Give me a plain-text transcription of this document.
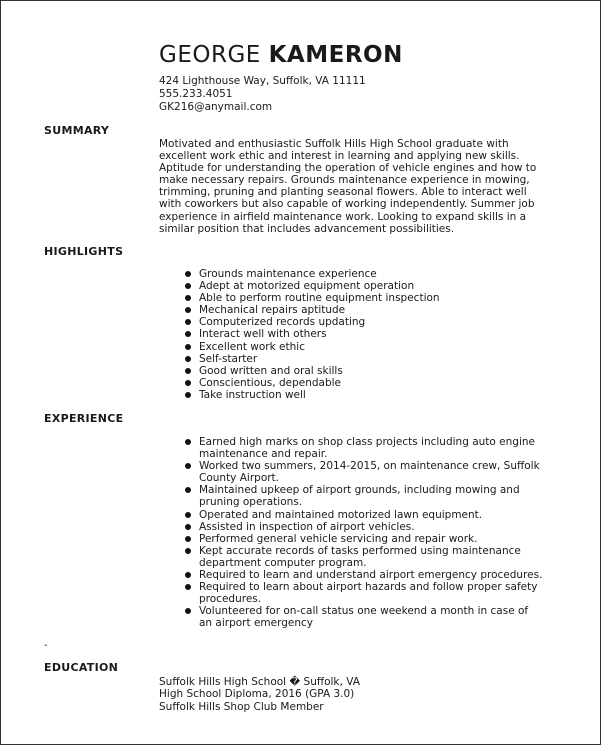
GEORGE KAMERON
424 Lighthouse Way, Suffolk, VA 11111
555.233.4051
GK216@anymail.com
SUMMARY
Motivated and enthusiastic Suffolk Hills High School graduate with excellent work ethic and interest in learning and applying new skills. Aptitude for understanding the operation of vehicle engines and how to make necessary repairs. Grounds maintenance experience in mowing, trimming, pruning and planting seasonal flowers. Able to interact well with coworkers but also capable of working independently. Summer job experience in airfield maintenance work. Looking to expand skills in a similar position that includes advancement possibilities.
HIGHLIGHTS
Grounds maintenance experience
Adept at motorized equipment operation
Able to perform routine equipment inspection
Mechanical repairs aptitude
Computerized records updating
Interact well with others
Excellent work ethic
Self-starter
Good written and oral skills
Conscientious, dependable
Take instruction well
EXPERIENCE
Earned high marks on shop class projects including auto engine maintenance and repair.
Worked two summers, 2014-2015, on maintenance crew, Suffolk County Airport.
Maintained upkeep of airport grounds, including mowing and pruning operations.
Operated and maintained motorized lawn equipment.
Assisted in inspection of airport vehicles.
Performed general vehicle servicing and repair work.
Kept accurate records of tasks performed using maintenance department computer program.
Required to learn and understand airport emergency procedures.
Required to learn about airport hazards and follow proper safety procedures.
Volunteered for on-call status one weekend a month in case of an airport emergency
-
EDUCATION
Suffolk Hills High School � Suffolk, VA
High School Diploma, 2016 (GPA 3.0)
Suffolk Hills Shop Club Member
